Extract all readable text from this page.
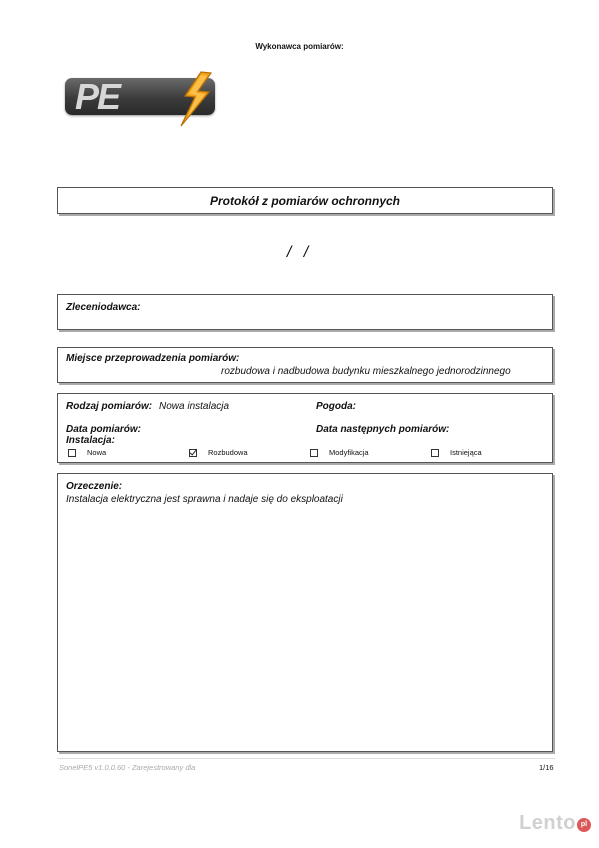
Wykonawca pomiarów:
PE
Protokół z pomiarów ochronnych
/ /
Zleceniodawca:
Miejsce przeprowadzenia pomiarów:
rozbudowa i nadbudowa budynku mieszkalnego jednorodzinnego
Rodzaj pomiarów: Nowa instalacja	Pogoda:
Data pomiarów:	Data następnych pomiarów:
Instalacja:
Nowa	Rozbudowa	Modyfikacja	Istniejąca
Orzeczenie:
Instalacja elektryczna jest sprawna i nadaje się do eksploatacji
SonelPE5 v1.0.0.60 - Zarejestrowany dla	1/16
Lento pl
